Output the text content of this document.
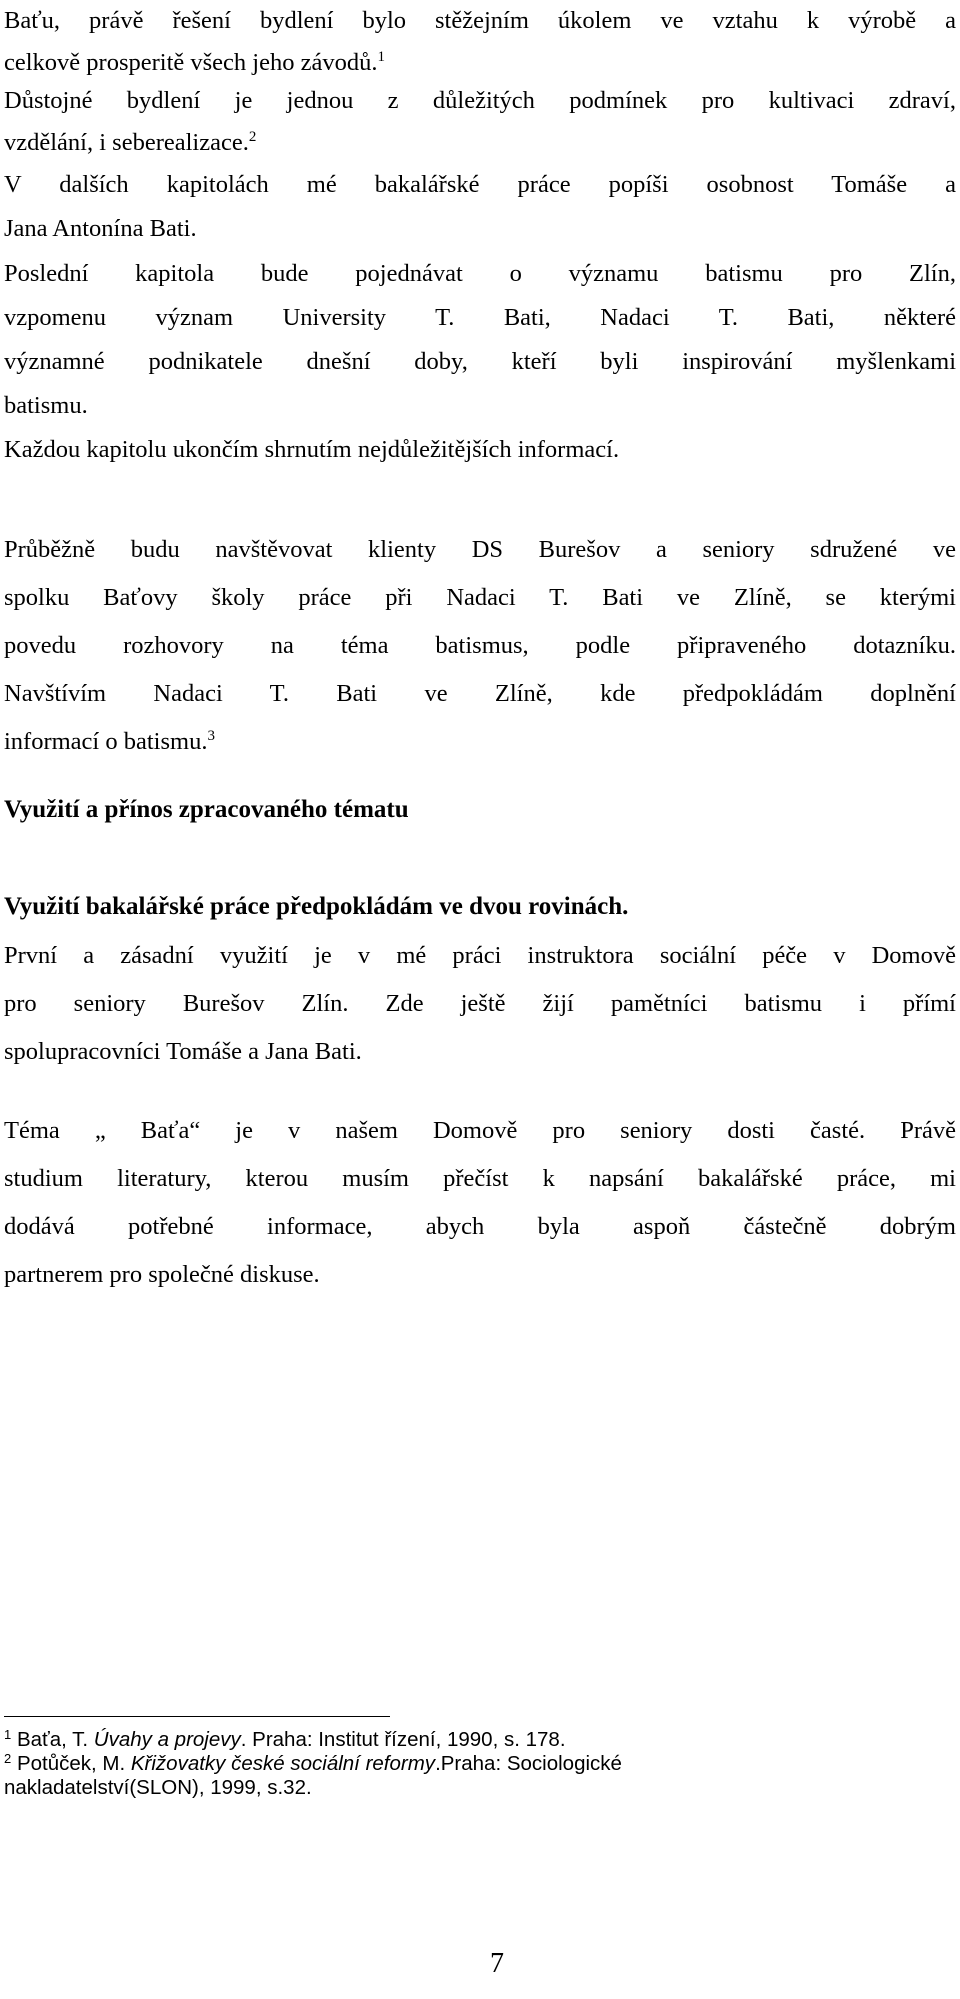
Baťu, právě řešení bydlení bylo stěžejním úkolem ve vztahu k výrobě a
celkově prosperitě všech jeho závodů.$^1$

Důstojné bydlení je jednou z důležitých podmínek pro kultivaci zdraví,
vzdělání, i seberealizace.$^2$

V dalších kapitolách mé bakalářské práce popíši osobnost Tomáše a
Jana Antonína Bati.

Poslední kapitola bude pojednávat o významu batismu pro Zlín,
vzpomenu význam University T. Bati, Nadaci T. Bati, některé
významné podnikatele dnešní doby, kteří byli inspirování myšlenkami
batismu.

Každou kapitolu ukončím shrnutím nejdůležitějších informací.

Průběžně budu navštěvovat klienty DS Burešov a seniory sdružené ve
spolku Baťovy školy práce při Nadaci T. Bati ve Zlíně, se kterými
povedu rozhovory na téma batismus, podle připraveného dotazníku.
Navštívím Nadaci T. Bati ve Zlíně, kde předpokládám doplnění
informací o batismu.$^3$

Využití a přínos zpracovaného tématu
Využití bakalářské práce předpokládám ve dvou rovinách.

První a zásadní využití je v mé práci instruktora sociální péče v Domově
pro seniory Burešov Zlín. Zde ještě žijí pamětníci batismu i přímí
spolupracovníci Tomáše a Jana Bati.

Téma „ Baťa“ je v našem Domově pro seniory dosti časté. Právě
studium literatury, kterou musím přečíst k napsání bakalářské práce, mi
dodává potřebné informace, abych byla aspoň částečně dobrým
partnerem pro společné diskuse.

$^1$ Baťa, T. Úvahy a projevy. Praha: Institut řízení, 1990, s. 178.

$^2$ Potůček, M. Křižovatky české sociální reformy.Praha: Sociologické
nakladatelství(SLON), 1999, s.32.

7
